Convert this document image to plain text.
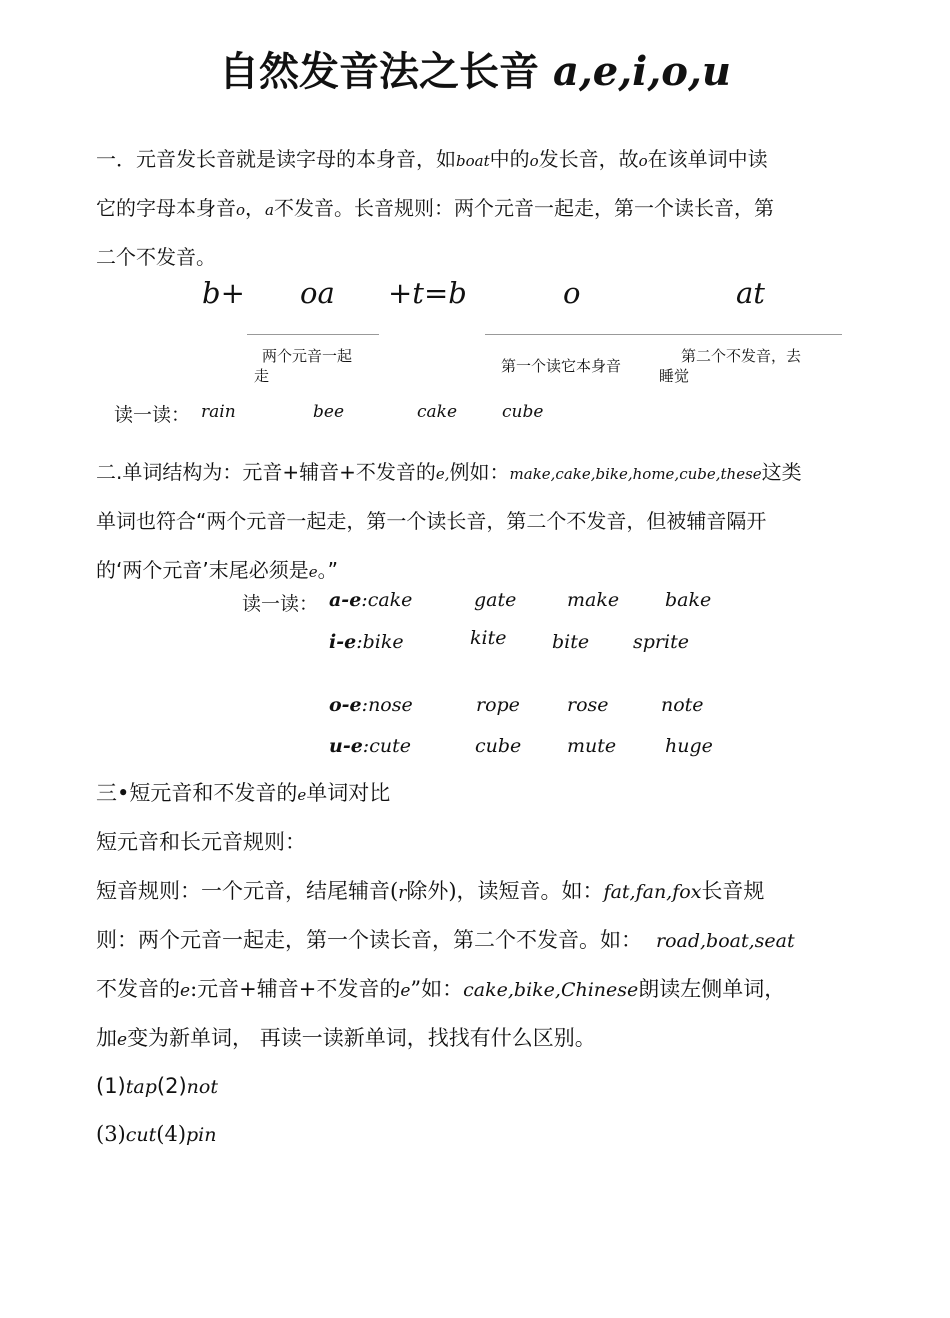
自然发音法之长音 a,e,i,o,u
一．元音发长音就是读字母的本身音，如boat中的o发长音，故o在该单词中读
它的字母本身音o，a不发音。长音规则：两个元音一起走，第一个读长音，第
二个不发音。
b+ oa +t=b	o	at
两个元音一起
走
第一个读它本身音
第二个不发音，去
睡觉
读一读： rain	bee	cake	cube
二.单词结构为：元音+辅音+不发音的e,例如：make,cake,bike,home,cube,these这类
单词也符合“两个元音一起走，第一个读长音，第二个不发音，但被辅音隔开
的‘两个元音’末尾必须是e。”
读一读： a-e:cake	gate	make bake
i-e:bike	kite bite sprite
o-e:nose	rope rose	note
u-e:cute	cube mute	huge
三•短元音和不发音的e单词对比
短元音和长元音规则：
短音规则：一个元音，结尾辅音(r除外)，读短音。如：fat,fan,fox长音规
则：两个元音一起走，第一个读长音，第二个不发音。如： road,boat,seat
不发音的e:元音+辅音+不发音的e”如：cake,bike,Chinese朗读左侧单词，
加e变为新单词， 再读一读新单词，找找有什么区别。
(1)tap(2)not
(3)cut(4)pin
